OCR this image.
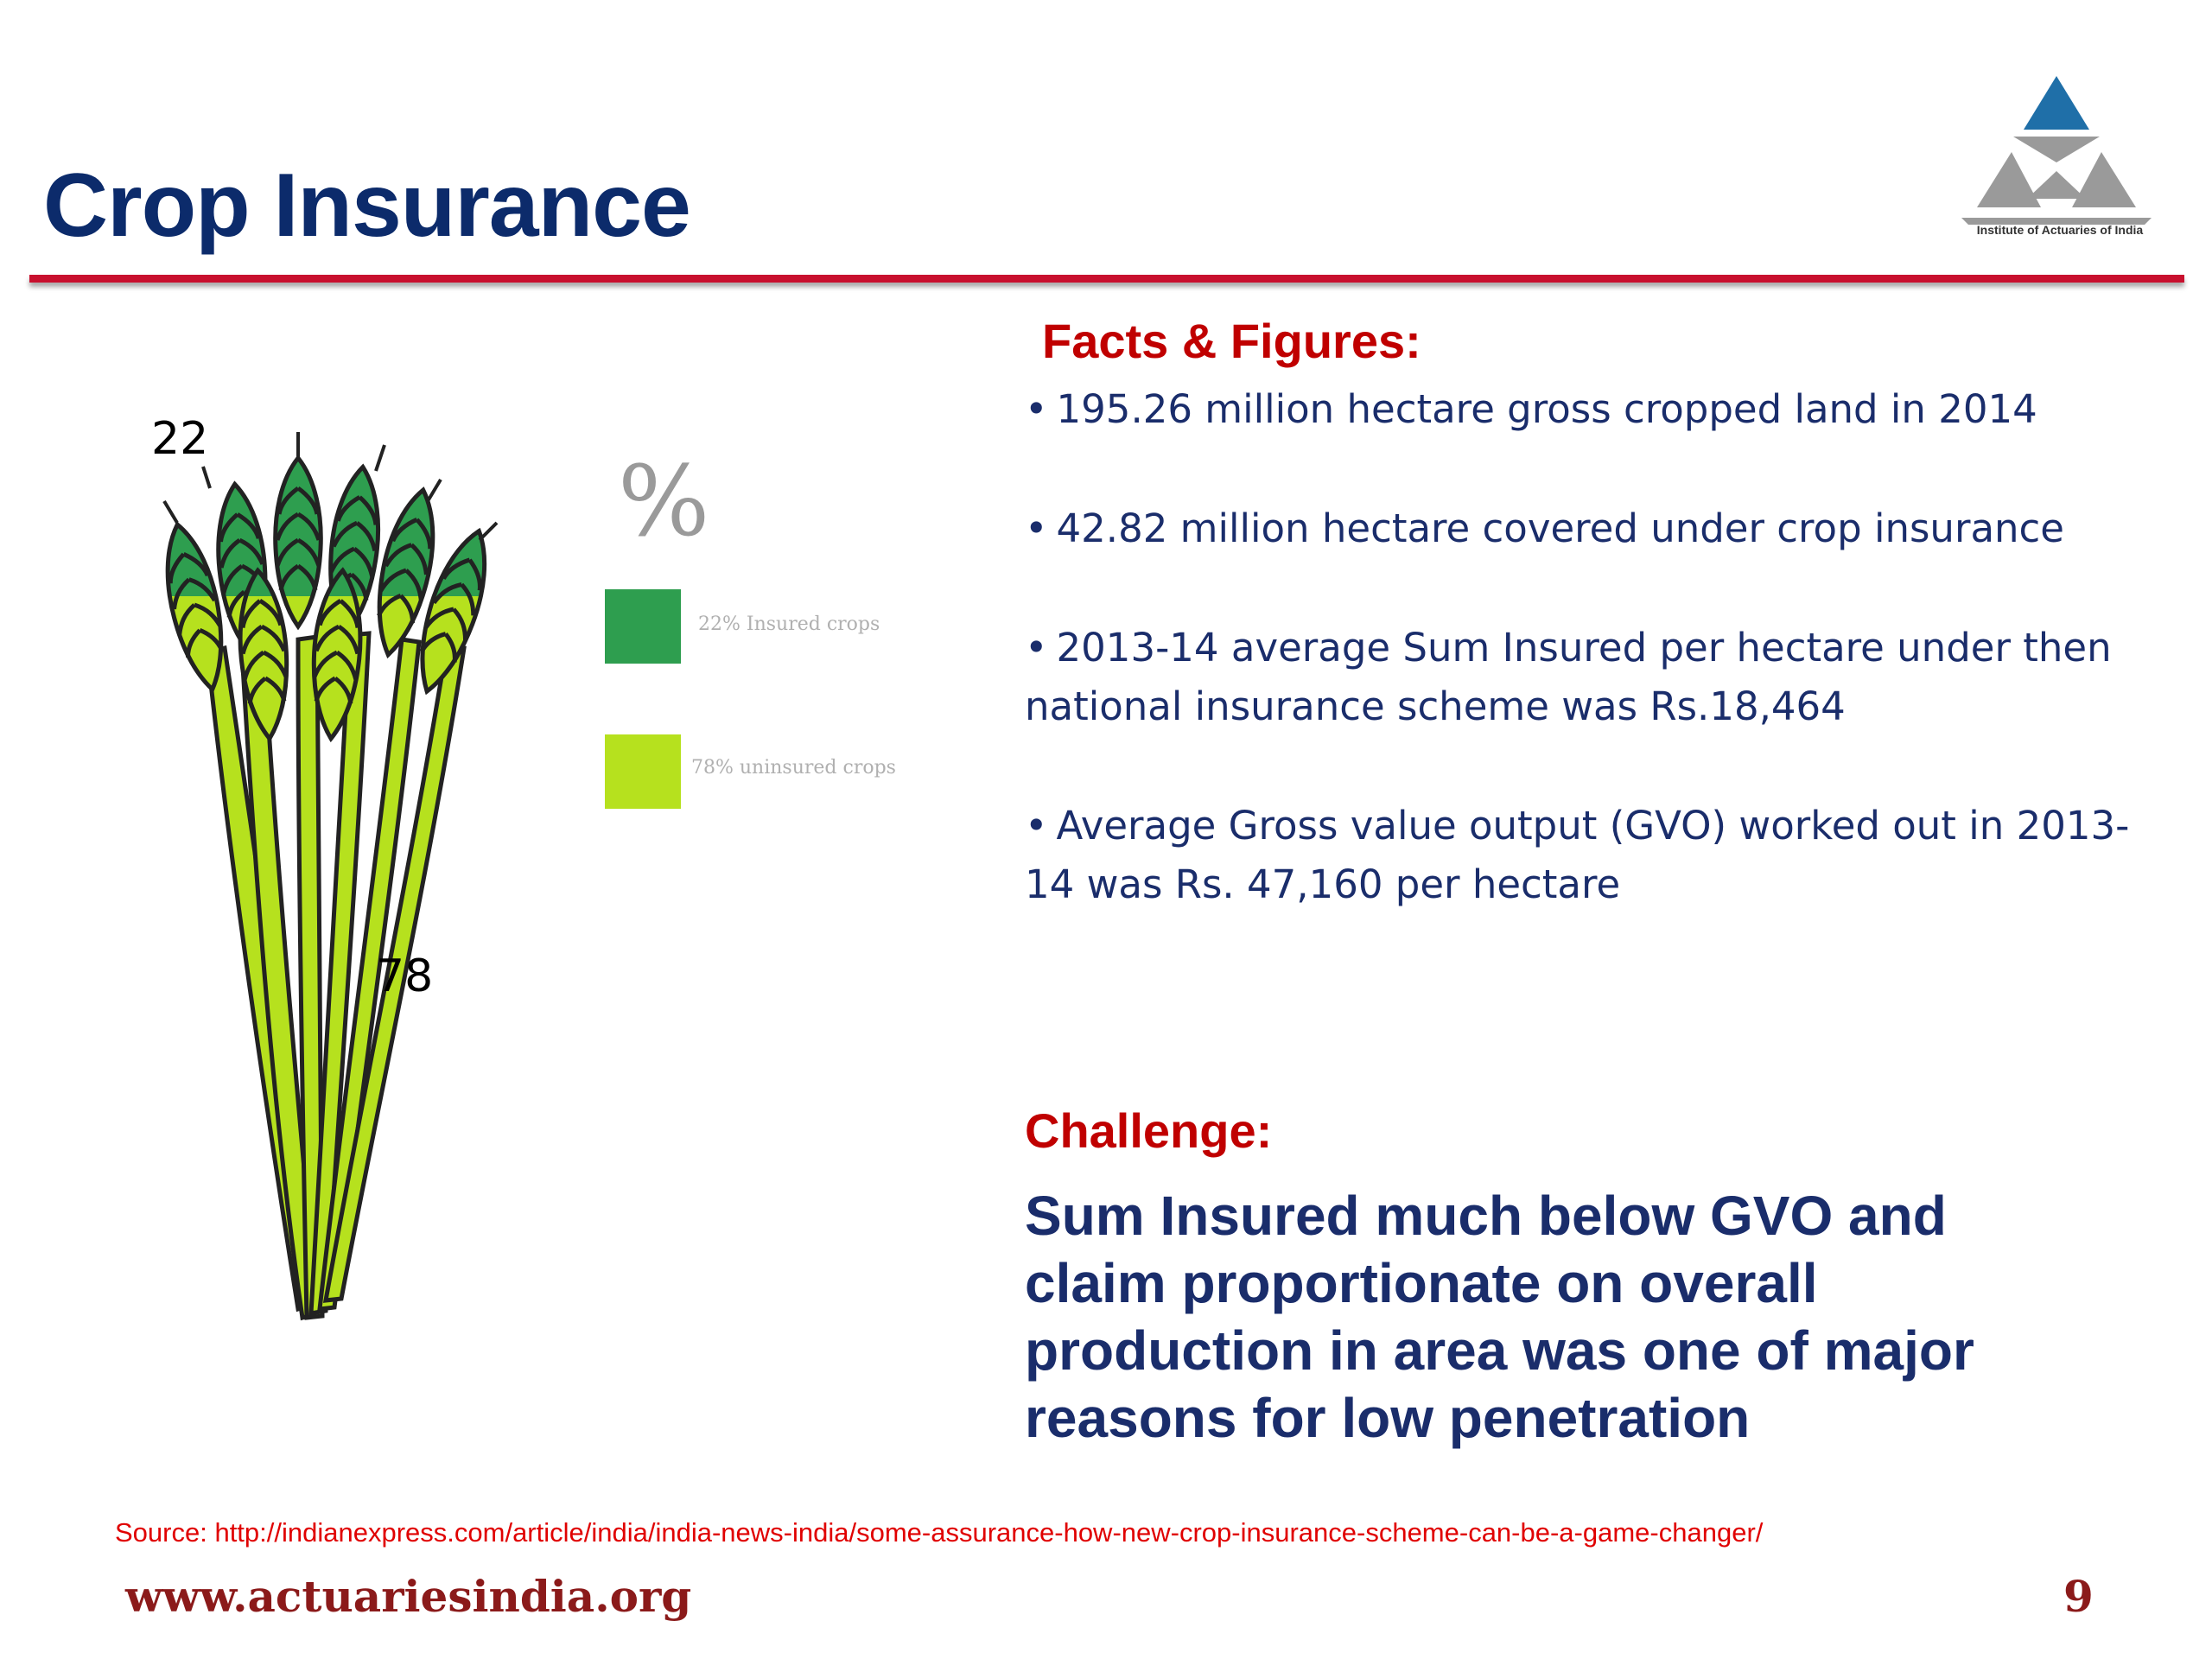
Crop Insurance	Institute of Actuaries of India
22
78
%
22% Insured crops
78% uninsured crops
Facts & Figures:
• 195.26 million hectare gross cropped land in 2014
• 42.82 million hectare covered under crop insurance
• 2013-14 average Sum Insured per hectare under then national insurance scheme was Rs.18,464
• Average Gross value output (GVO) worked out in 2013-14 was Rs. 47,160 per hectare
Challenge:
Sum Insured much below GVO and claim proportionate on overall production in area was one of major reasons for low penetration
Source: http://indianexpress.com/article/india/india-news-india/some-assurance-how-new-crop-insurance-scheme-can-be-a-game-changer/
www.actuariesindia.org	9
